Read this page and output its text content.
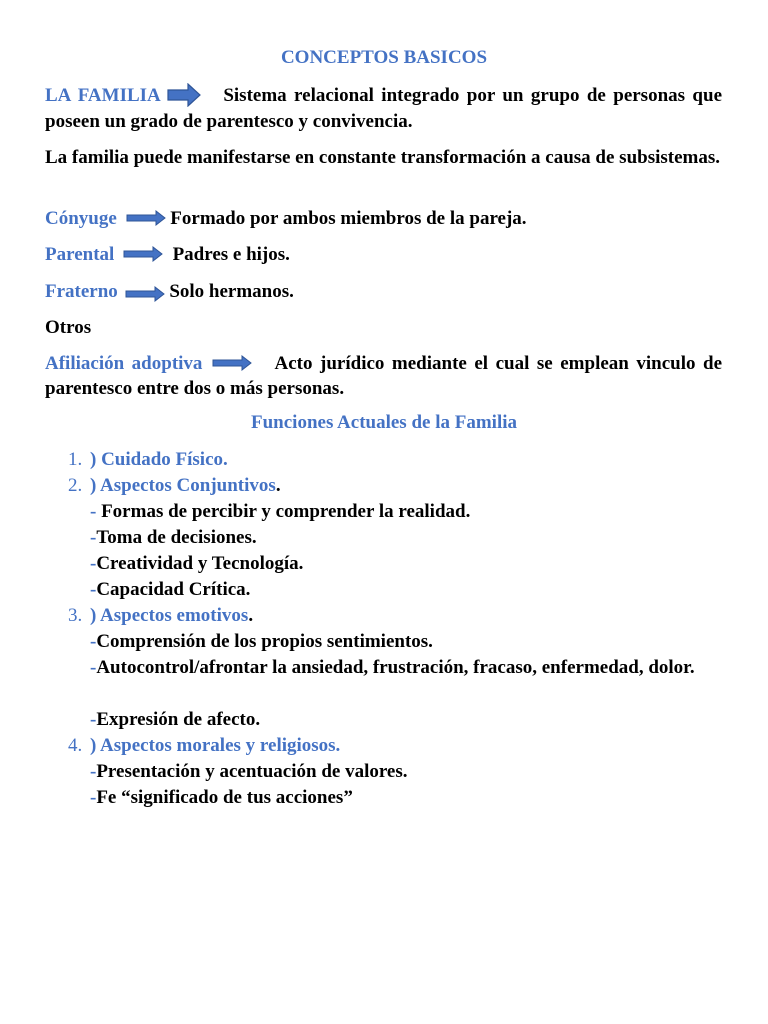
CONCEPTOS BASICOS
LA FAMILIA	Sistema relacional integrado por un grupo de personas que poseen un grado de parentesco y convivencia.
La familia puede manifestarse en constante transformación a causa de subsistemas.
Cónyuge	Formado por ambos miembros de la pareja.
Parental	Padres e hijos.
Fraterno	Solo hermanos.
Otros
Afiliación adoptiva	Acto jurídico mediante el cual se emplean vinculo de parentesco entre dos o más personas.
Funciones Actuales de la Familia
1. ) Cuidado Físico.
2. ) Aspectos Conjuntivos.
- Formas de percibir y comprender la realidad.
-Toma de decisiones.
-Creatividad y Tecnología.
-Capacidad Crítica.
3. ) Aspectos emotivos.
-Comprensión de los propios sentimientos.
-Autocontrol/afrontar la ansiedad, frustración, fracaso, enfermedad, dolor.
-Expresión de afecto.
4. ) Aspectos morales y religiosos.
-Presentación y acentuación de valores.
-Fe “significado de tus acciones”
